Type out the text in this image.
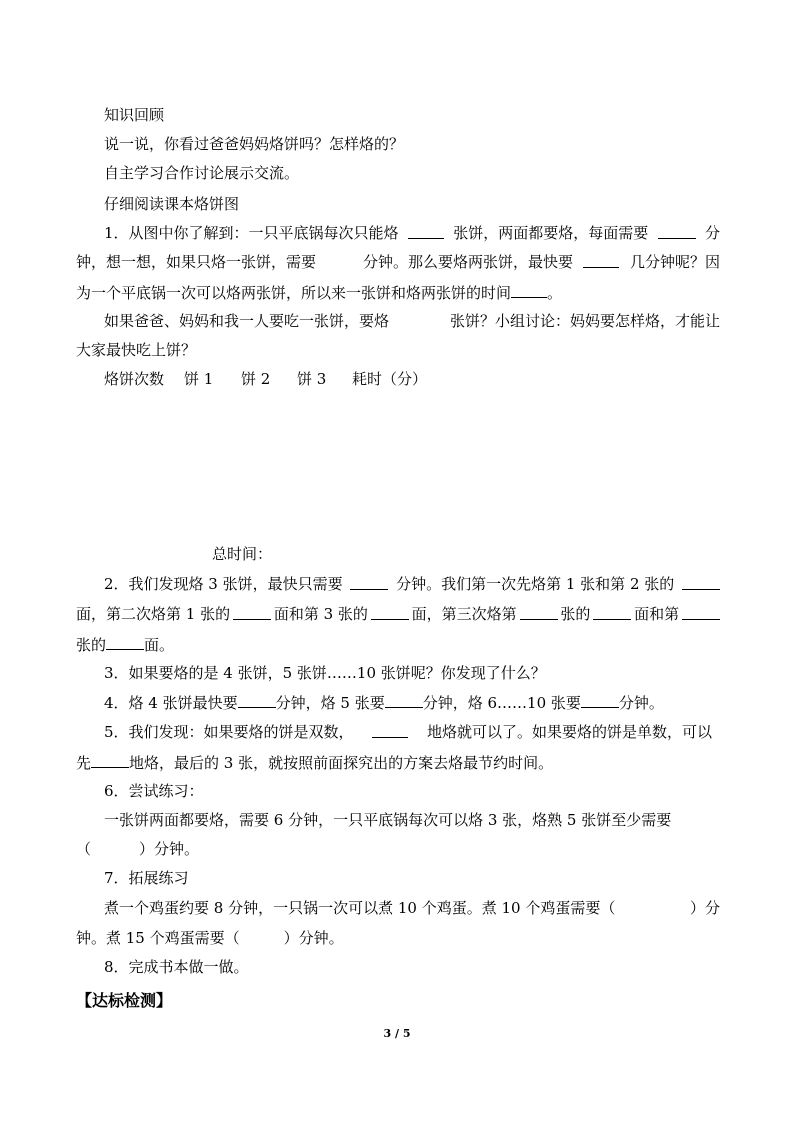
知识回顾
说一说，你看过爸爸妈妈烙饼吗？怎样烙的？
自主学习合作讨论展示交流。
仔细阅读课本烙饼图
1．从图中你了解到：一只平底锅每次只能烙	张饼，两面都要烙，每面需要	分
钟，想一想，如果只烙一张饼，需要	分钟。那么要烙两张饼，最快要	几分钟呢？因
为一个平底锅一次可以烙两张饼，所以来一张饼和烙两张饼的时间 。
如果爸爸、妈妈和我一人要吃一张饼，要烙	张饼？小组讨论：妈妈要怎样烙，才能让
大家最快吃上饼？
烙饼次数 饼 1 饼 2 饼 3 耗时（分）
总时间：
2．我们发现烙 3 张饼，最快只需要	分钟。我们第一次先烙第 1 张和第 2 张的
面，第二次烙第 1 张的	面和第 3 张的	面，第三次烙第	张的	面和第
张的	面。
3．如果要烙的是 4 张饼，5 张饼……10 张饼呢？你发现了什么？
4．烙 4 张饼最快要	分钟，烙 5 张要	分钟，烙 6……10 张要	分钟。
5．我们发现：如果要烙的饼是双数，	地烙就可以了。如果要烙的饼是单数，可以
先	地烙，最后的 3 张，就按照前面探究出的方案去烙最节约时间。
6．尝试练习：
一张饼两面都要烙，需要 6 分钟，一只平底锅每次可以烙 3 张，烙熟 5 张饼至少需要
（	）分钟。
7．拓展练习
煮一个鸡蛋约要 8 分钟，一只锅一次可以煮 10 个鸡蛋。煮 10 个鸡蛋需要（	）分
钟。煮 15 个鸡蛋需要（	）分钟。
8．完成书本做一做。
【达标检测】
3 / 5
